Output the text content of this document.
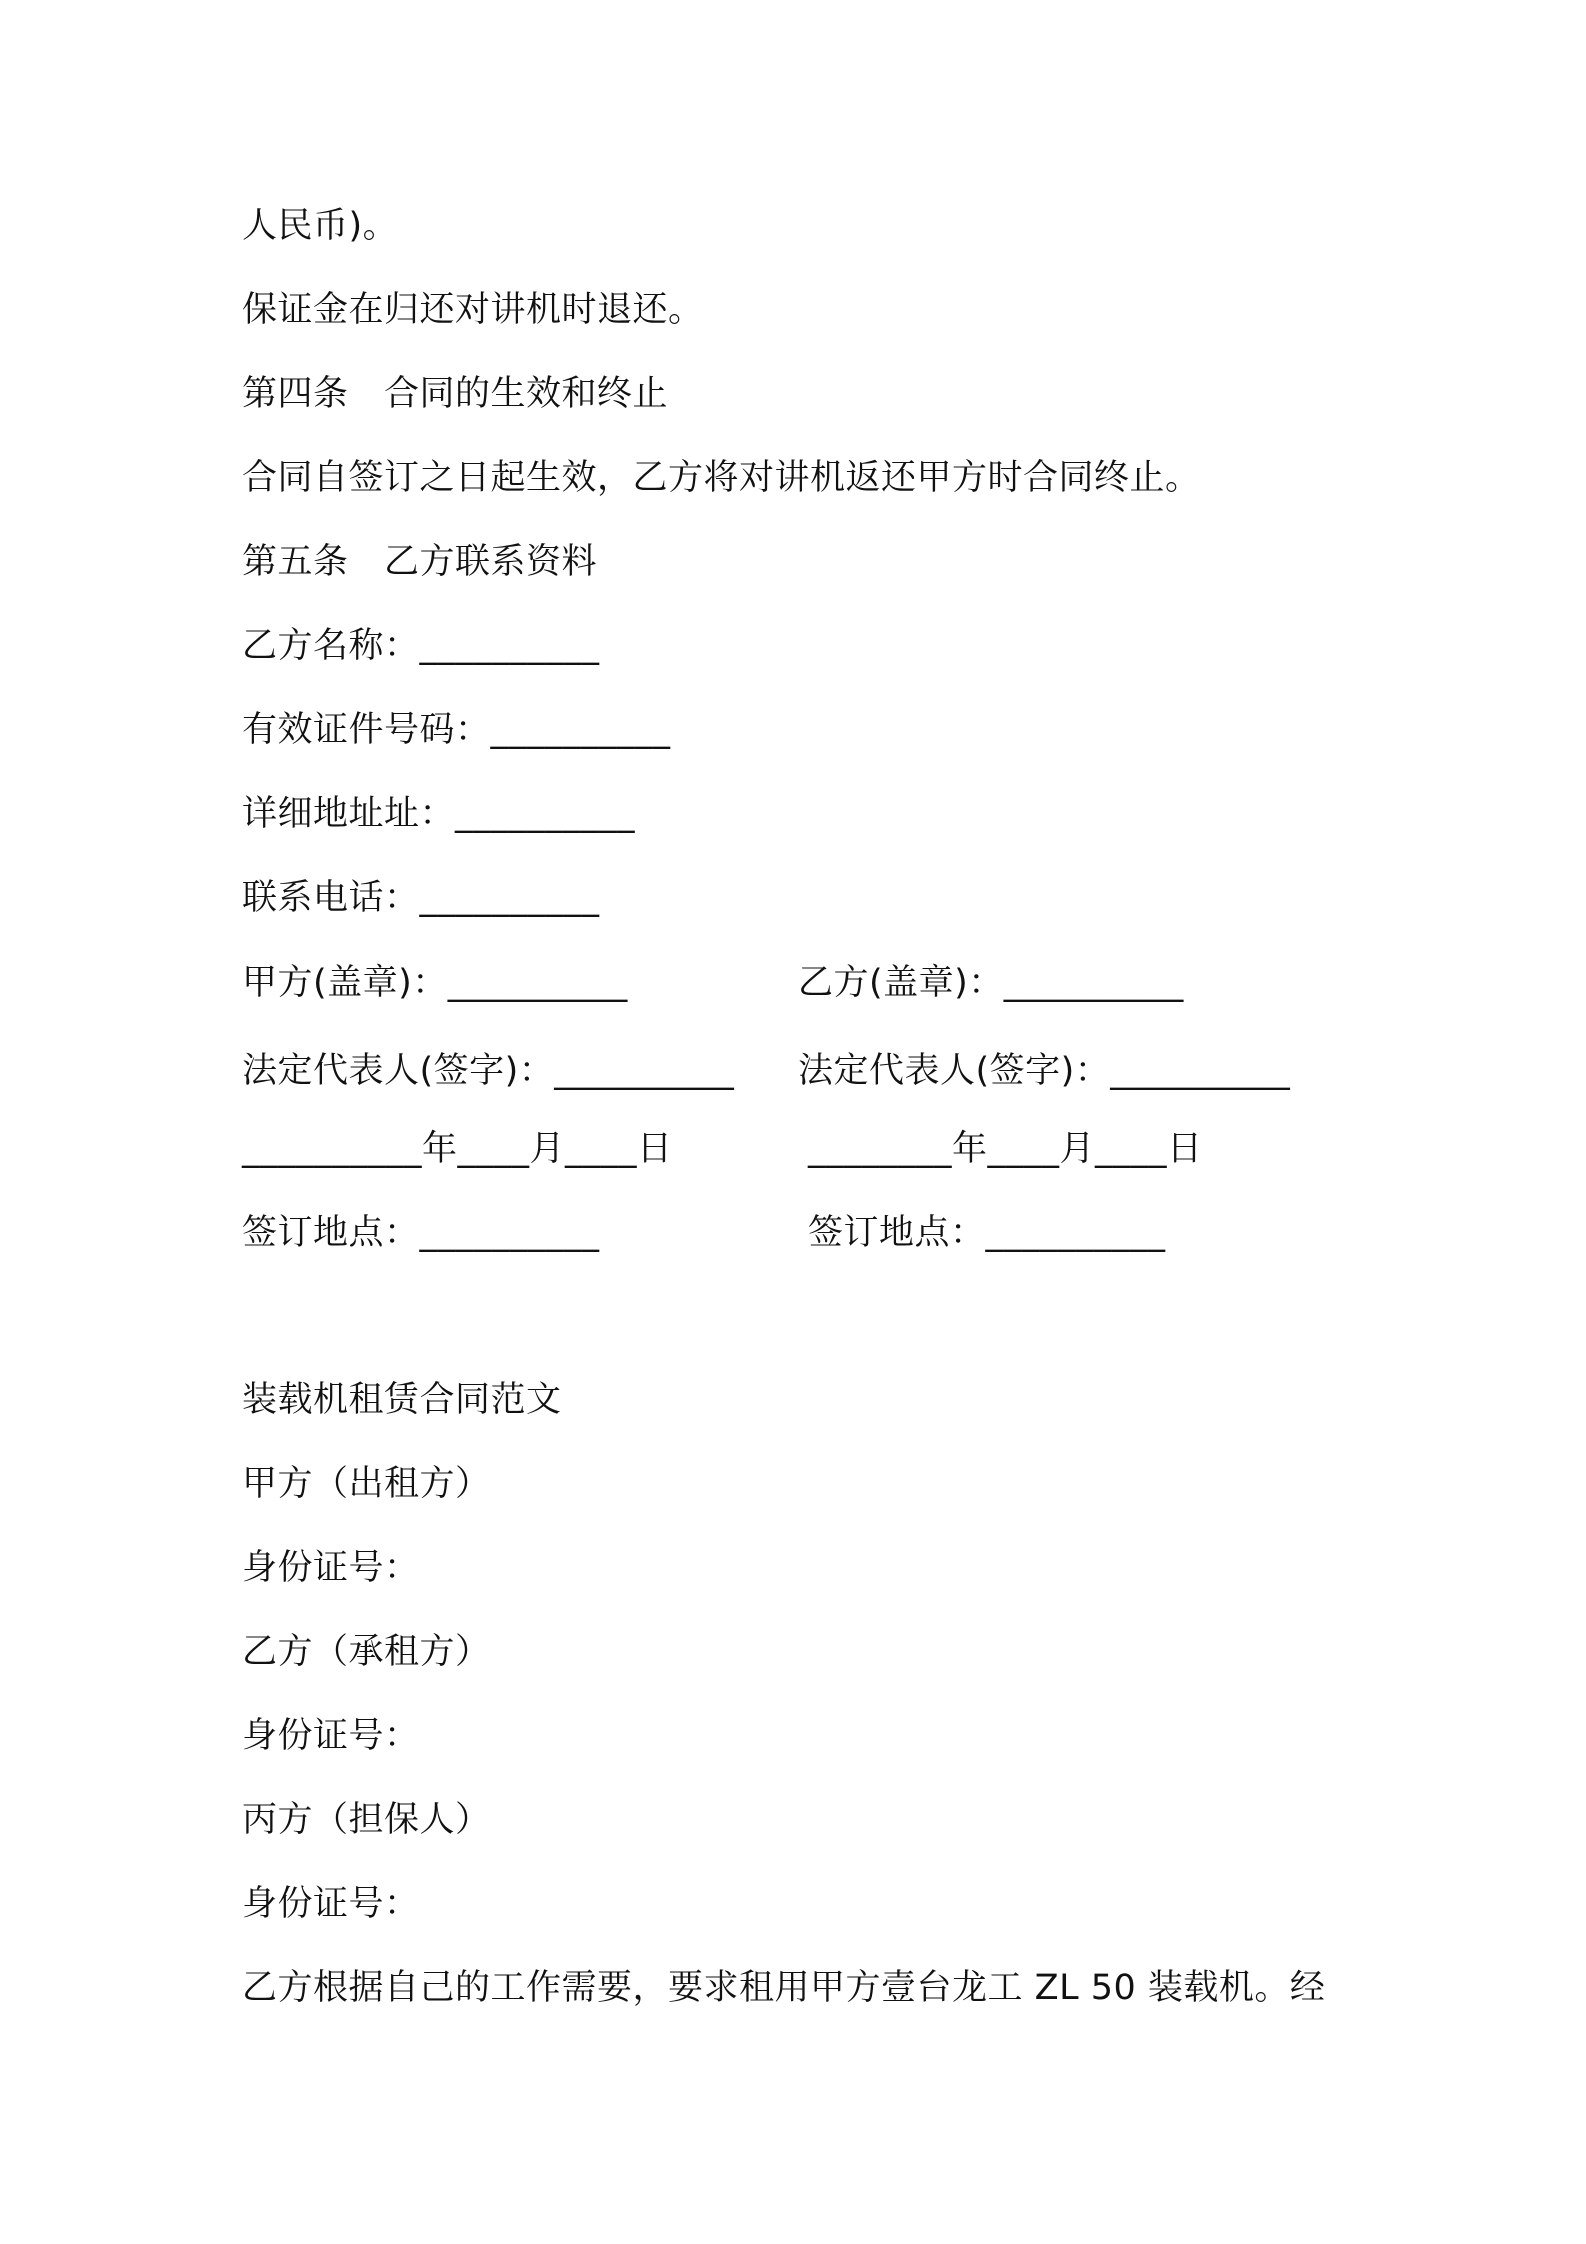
人民币)。
保证金在归还对讲机时退还。
第四条　合同的生效和终止
合同自签订之日起生效，乙方将对讲机返还甲方时合同终止。
第五条　乙方联系资料
乙方名称：__________
有效证件号码：__________
详细地址址：__________
联系电话：__________
甲方(盖章)：__________	乙方(盖章)：__________
法定代表人(签字)：__________ 法定代表人(签字)：__________
__________年____月____日	________年____月____日
签订地点：__________	签订地点：__________
装载机租赁合同范文
甲方（出租方）
身份证号：
乙方（承租方）
身份证号：
丙方（担保人）
身份证号：
乙方根据自己的工作需要，要求租用甲方壹台龙工 ZL 50 装载机。经
